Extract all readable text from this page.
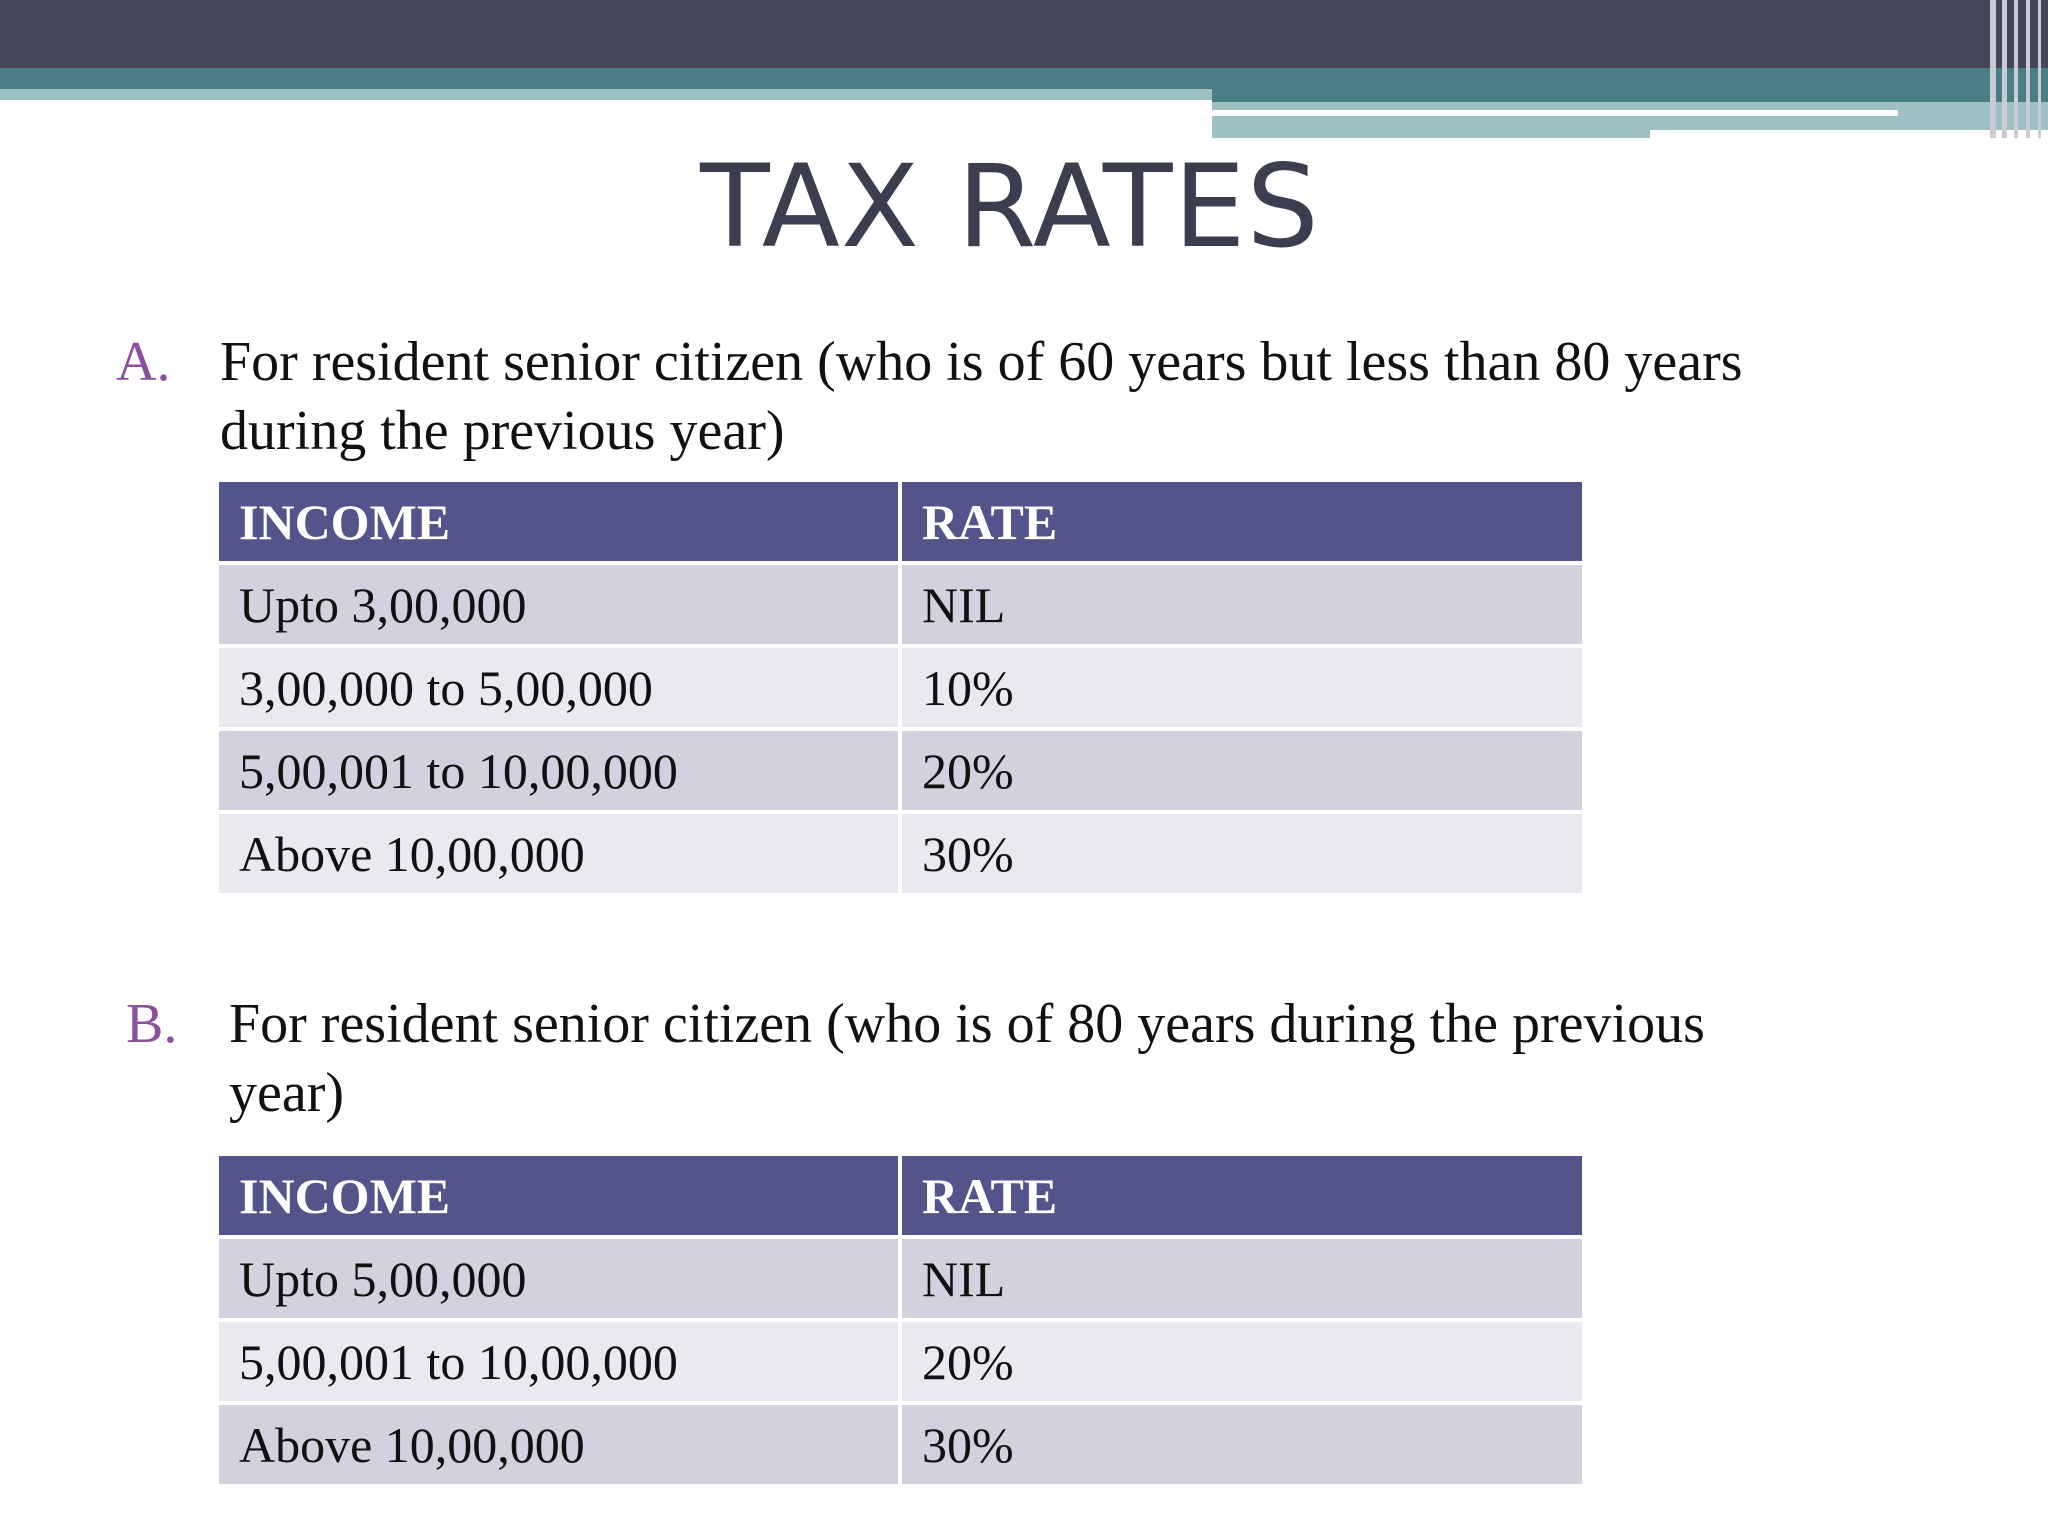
TAX RATES
A. For resident senior citizen (who is of 60 years but less than 80 years during the previous year)
INCOME	RATE
Upto 3,00,000	NIL
3,00,000 to 5,00,000	10%
5,00,001 to 10,00,000	20%
Above 10,00,000	30%
B. For resident senior citizen (who is of 80 years during the previous year)
INCOME	RATE
Upto 5,00,000	NIL
5,00,001 to 10,00,000	20%
Above 10,00,000	30%
